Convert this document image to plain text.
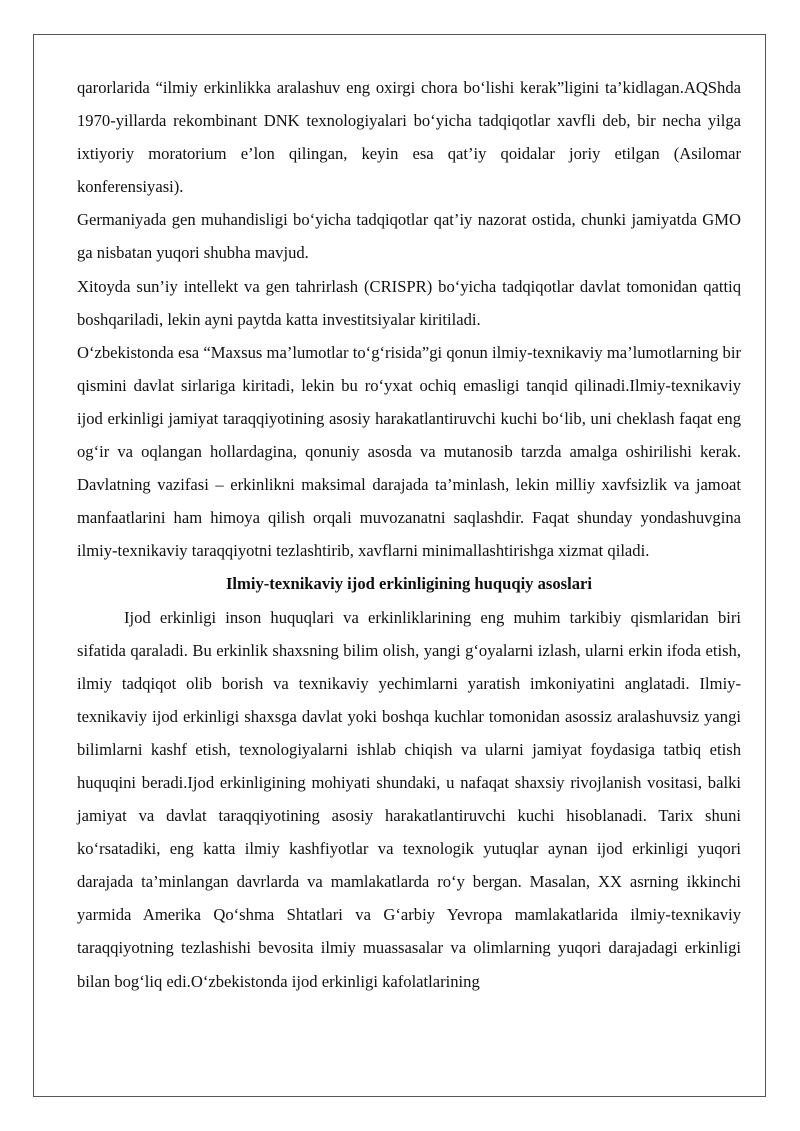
qarorlarida “ilmiy erkinlikka aralashuv eng oxirgi chora bo‘lishi kerak”ligini ta’kidlagan.AQShda 1970-yillarda rekombinant DNK texnologiyalari bo‘yicha tadqiqotlar xavfli deb, bir necha yilga ixtiyoriy moratorium e’lon qilingan, keyin esa qat’iy qoidalar joriy etilgan (Asilomar konferensiyasi).

Germaniyada gen muhandisligi bo‘yicha tadqiqotlar qat’iy nazorat ostida, chunki jamiyatda GMO ga nisbatan yuqori shubha mavjud.

Xitoyda sun’iy intellekt va gen tahrirlash (CRISPR) bo‘yicha tadqiqotlar davlat tomonidan qattiq boshqariladi, lekin ayni paytda katta investitsiyalar kiritiladi.

O‘zbekistonda esa “Maxsus ma’lumotlar to‘g‘risida”gi qonun ilmiy-texnikaviy ma’lumotlarning bir qismini davlat sirlariga kiritadi, lekin bu ro‘yxat ochiq emasligi tanqid qilinadi.Ilmiy-texnikaviy ijod erkinligi jamiyat taraqqiyotining asosiy harakatlantiruvchi kuchi bo‘lib, uni cheklash faqat eng og‘ir va oqlangan hollardagina, qonuniy asosda va mutanosib tarzda amalga oshirilishi kerak. Davlatning vazifasi – erkinlikni maksimal darajada ta’minlash, lekin milliy xavfsizlik va jamoat manfaatlarini ham himoya qilish orqali muvozanatni saqlashdir. Faqat shunday yondashuvgina ilmiy-texnikaviy taraqqiyotni tezlashtirib, xavflarni minimallashtirishga xizmat qiladi.

Ilmiy-texnikaviy ijod erkinligining huquqiy asoslari

Ijod erkinligi inson huquqlari va erkinliklarining eng muhim tarkibiy qismlaridan biri sifatida qaraladi. Bu erkinlik shaxsning bilim olish, yangi g‘oyalarni izlash, ularni erkin ifoda etish, ilmiy tadqiqot olib borish va texnikaviy yechimlarni yaratish imkoniyatini anglatadi. Ilmiy-texnikaviy ijod erkinligi shaxsga davlat yoki boshqa kuchlar tomonidan asossiz aralashuvsiz yangi bilimlarni kashf etish, texnologiyalarni ishlab chiqish va ularni jamiyat foydasiga tatbiq etish huquqini beradi.Ijod erkinligining mohiyati shundaki, u nafaqat shaxsiy rivojlanish vositasi, balki jamiyat va davlat taraqqiyotining asosiy harakatlantiruvchi kuchi hisoblanadi. Tarix shuni ko‘rsatadiki, eng katta ilmiy kashfiyotlar va texnologik yutuqlar aynan ijod erkinligi yuqori darajada ta’minlangan davrlarda va mamlakatlarda ro‘y bergan. Masalan, XX asrning ikkinchi yarmida Amerika Qo‘shma Shtatlari va G‘arbiy Yevropa mamlakatlarida ilmiy-texnikaviy taraqqiyotning tezlashishi bevosita ilmiy muassasalar va olimlarning yuqori darajadagi erkinligi bilan bog‘liq edi.O‘zbekistonda ijod erkinligi kafolatlarining
